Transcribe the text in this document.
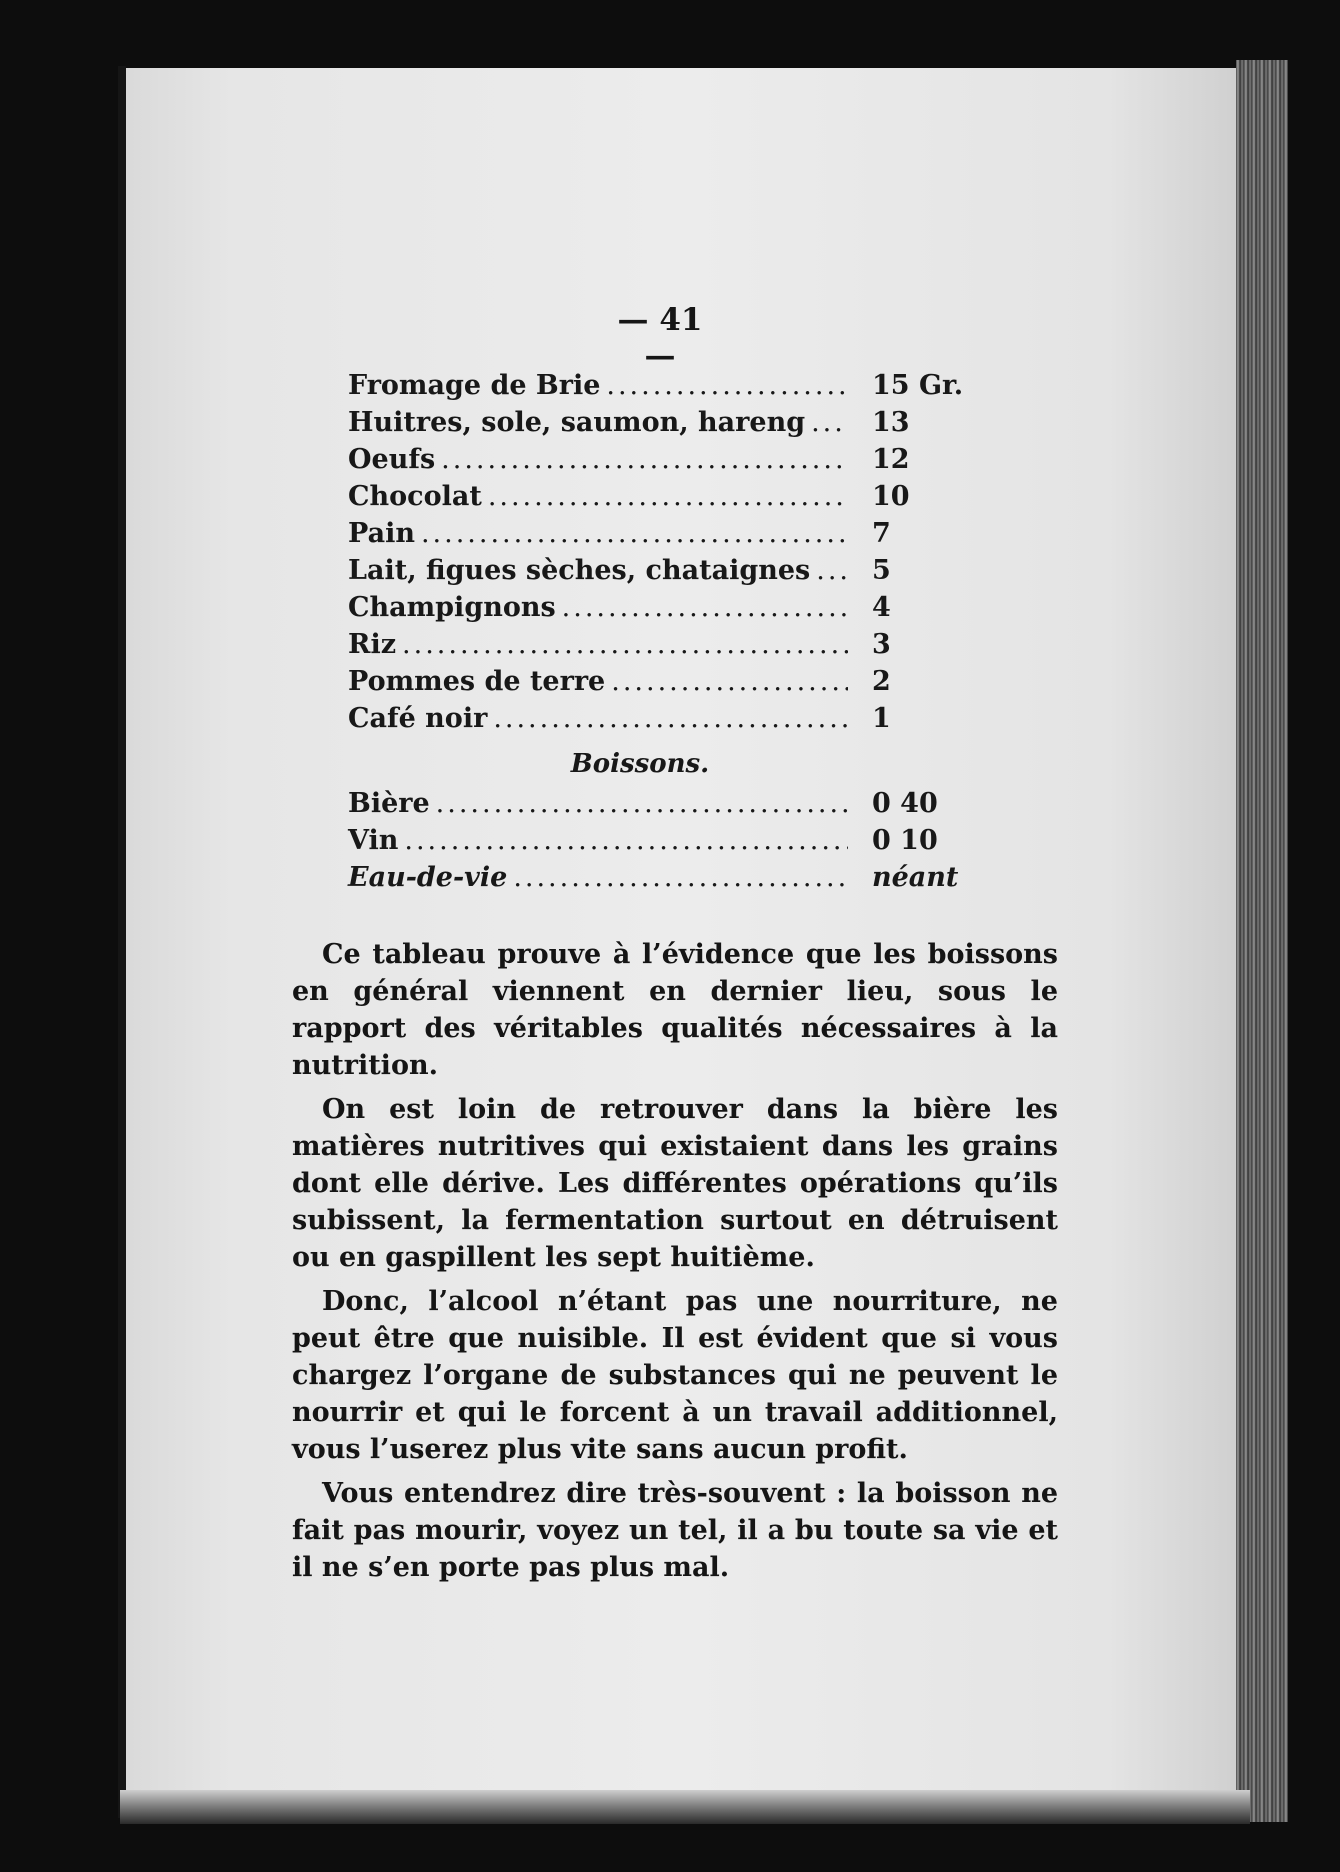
— 41 —
Fromage de Brie .....	15 Gr.
Huitres, sole, saumon, hareng .....	13
Oeufs .....	12
Chocolat .....	10
Pain .....	7
Lait, figues sèches, chataignes .....	5
Champignons .....	4
Riz .....	3
Pommes de terre .....	2
Café noir .....	1
Boissons.
Bière .....	0 40
Vin .....	0 10
Eau-de-vie .....	néant

Ce tableau prouve à l’évidence que les boissons en général viennent en dernier lieu, sous le rapport des véritables qualités nécessaires à la nutrition.

On est loin de retrouver dans la bière les matières nutritives qui existaient dans les grains dont elle dérive. Les différentes opérations qu’ils subissent, la fermentation surtout en détruisent ou en gaspillent les sept huitième.

Donc, l’alcool n’étant pas une nourriture, ne peut être que nuisible. Il est évident que si vous chargez l’organe de substances qui ne peuvent le nourrir et qui le forcent à un travail additionnel, vous l’userez plus vite sans aucun profit.

Vous entendrez dire très-souvent : la boisson ne fait pas mourir, voyez un tel, il a bu toute sa vie et il ne s’en porte pas plus mal.
